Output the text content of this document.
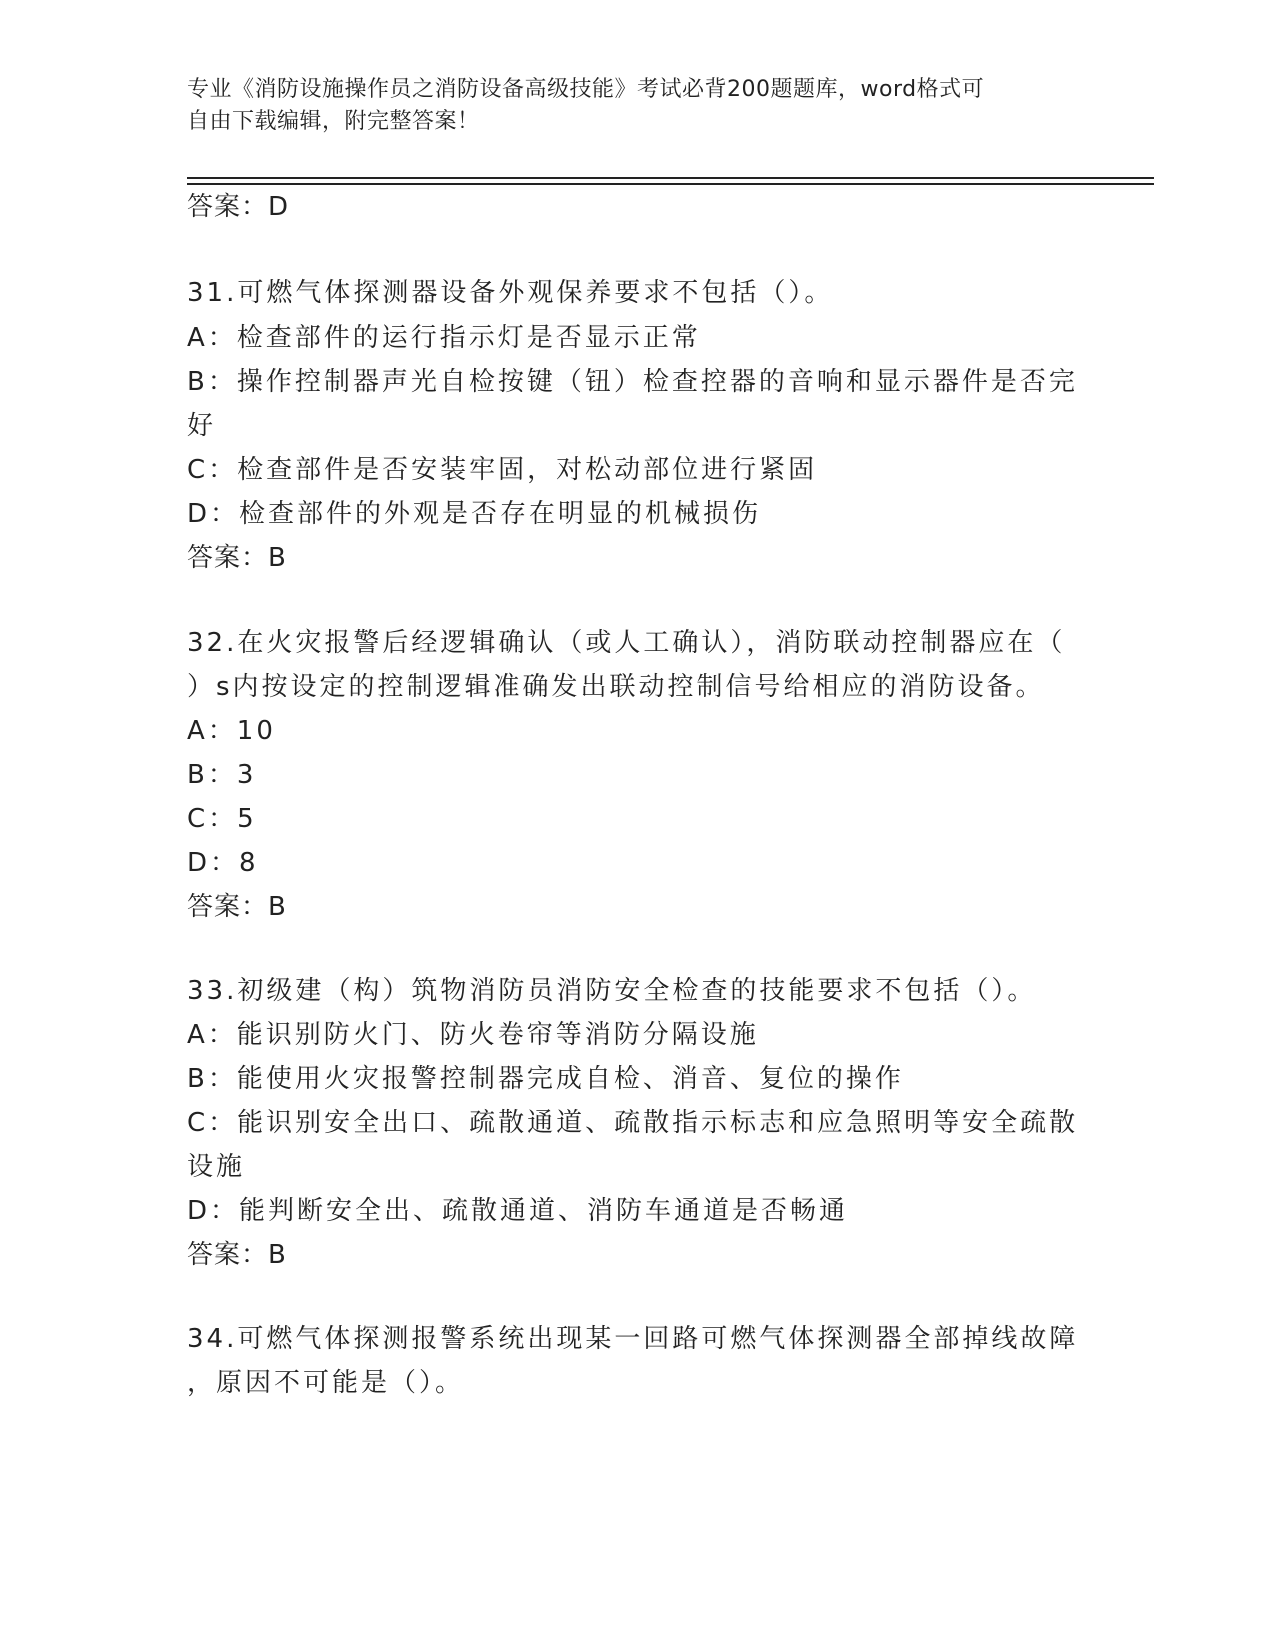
专业《消防设施操作员之消防设备高级技能》考试必背200题题库，word格式可
自由下载编辑，附完整答案！
答案：D
31.可燃气体探测器设备外观保养要求不包括（）。
A：检查部件的运行指示灯是否显示正常
B：操作控制器声光自检按键（钮）检查控器的音响和显示器件是否完
好
C：检查部件是否安装牢固，对松动部位进行紧固
D：检查部件的外观是否存在明显的机械损伤
答案：B
32.在火灾报警后经逻辑确认（或人工确认），消防联动控制器应在（
）s内按设定的控制逻辑准确发出联动控制信号给相应的消防设备。
A：10
B：3
C：5
D：8
答案：B
33.初级建（构）筑物消防员消防安全检查的技能要求不包括（）。
A：能识别防火门、防火卷帘等消防分隔设施
B：能使用火灾报警控制器完成自检、消音、复位的操作
C：能识别安全出口、疏散通道、疏散指示标志和应急照明等安全疏散
设施
D：能判断安全出、疏散通道、消防车通道是否畅通
答案：B
34.可燃气体探测报警系统出现某一回路可燃气体探测器全部掉线故障
，原因不可能是（）。
